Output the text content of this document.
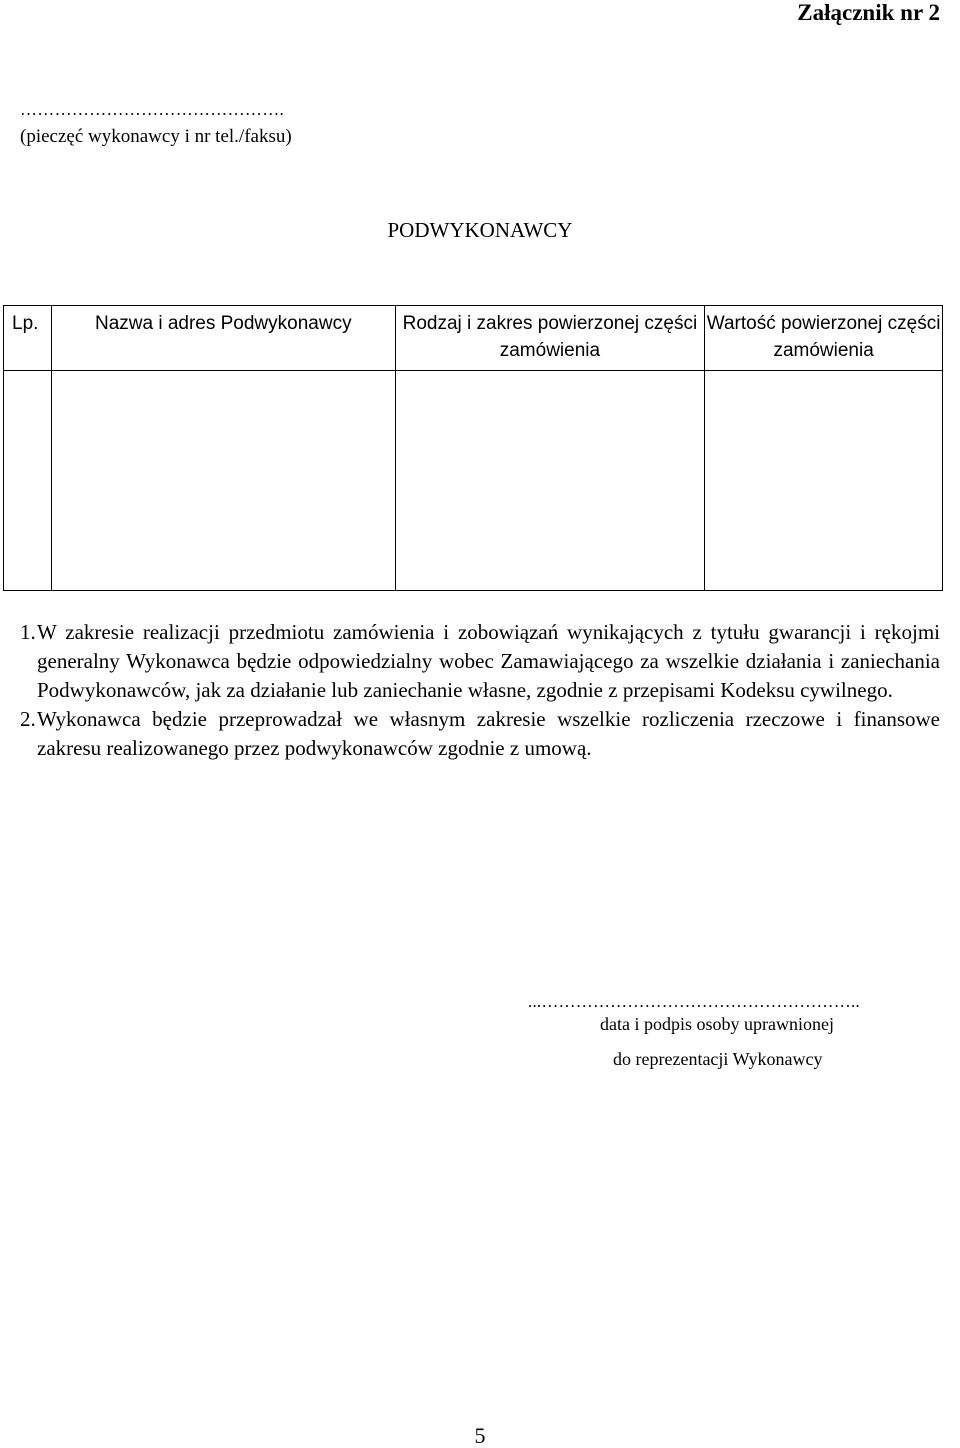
Załącznik nr 2
……………………………………….
(pieczęć wykonawcy i nr tel./faksu)
PODWYKONAWCY
Lp.	Nazwa i adres Podwykonawcy	Rodzaj i zakres powierzonej części zamówienia	Wartość powierzonej części zamówienia

1. W zakresie realizacji przedmiotu zamówienia i zobowiązań wynikających z tytułu gwarancji i rękojmi generalny Wykonawca będzie odpowiedzialny wobec Zamawiającego za wszelkie działania i zaniechania Podwykonawców, jak za działanie lub zaniechanie własne, zgodnie z przepisami Kodeksu cywilnego.
2. Wykonawca będzie przeprowadzał we własnym zakresie wszelkie rozliczenia rzeczowe i finansowe zakresu realizowanego przez podwykonawców zgodnie z umową.
...………………………………………………..
data i podpis osoby uprawnionej
do reprezentacji Wykonawcy
5
